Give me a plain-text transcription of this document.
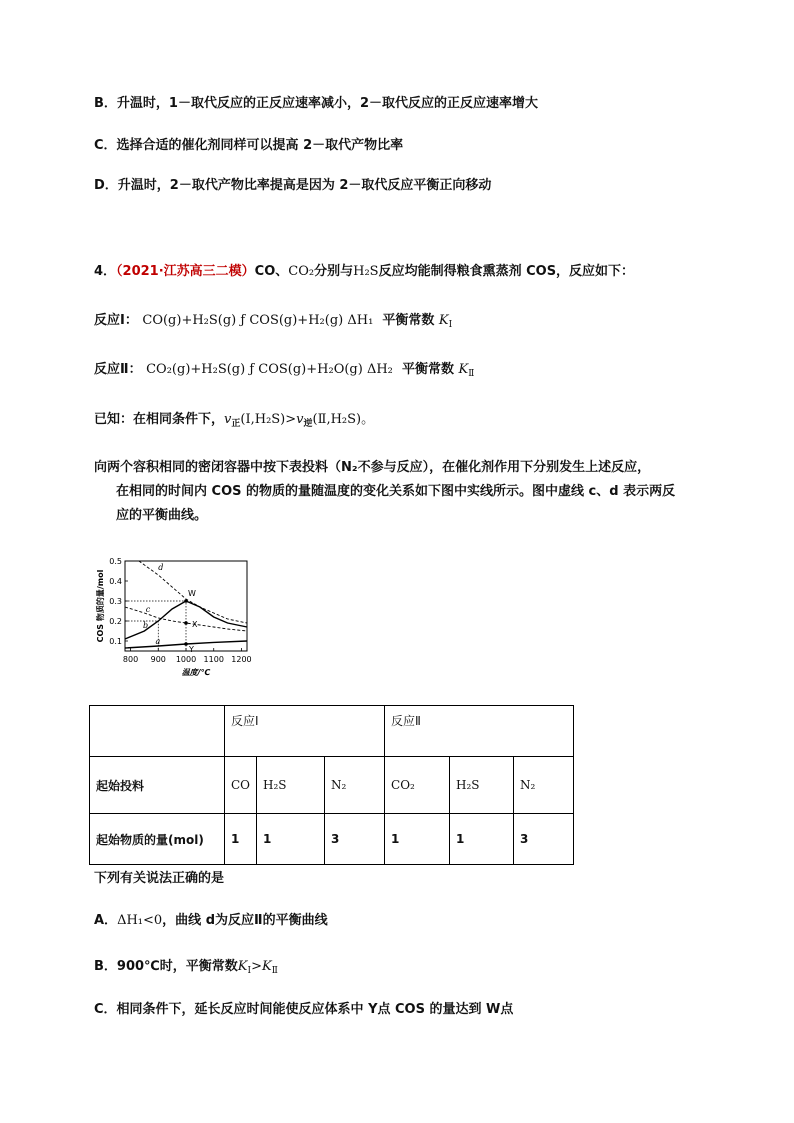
B．升温时，1－取代反应的正反应速率减小，2－取代反应的正反应速率增大
C．选择合适的催化剂同样可以提高 2－取代产物比率
D．升温时，2－取代产物比率提高是因为 2－取代反应平衡正向移动
4．（2021·江苏高三二模）CO、CO₂分别与H₂S反应均能制得粮食熏蒸剂 COS，反应如下：
反应Ⅰ： CO(g)+H₂S(g) ƒ COS(g)+H₂(g) ΔH₁ 平衡常数 $K_Ⅰ$
反应Ⅱ： CO₂(g)+H₂S(g) ƒ COS(g)+H₂O(g) ΔH₂ 平衡常数 $K_Ⅱ$
已知：在相同条件下，$v_正(Ⅰ,H_2S)>v_逆(Ⅱ,H_2S)$。
向两个容积相同的密闭容器中按下表投料（N₂不参与反应），在催化剂作用下分别发生上述反应，
在相同的时间内 COS 的物质的量随温度的变化关系如下图中实线所示。图中虚线 c、d 表示两反
应的平衡曲线。
800 900 1000 1100 1200
0.1
0.2
0.3
0.4
0.5
a
b
c
d
W
X
Y
温度/℃
COS 物质的量/mol
	反应Ⅰ			反应Ⅱ		
起始投料	CO	H₂S	N₂	CO₂	H₂S	N₂
起始物质的量(mol)	1	1	3	1	1	3
下列有关说法正确的是
A．ΔH₁<0，曲线 d为反应Ⅱ的平衡曲线
B．900℃时，平衡常数$K_Ⅰ>K_Ⅱ$
C．相同条件下，延长反应时间能使反应体系中 Y点 COS 的量达到 W点
